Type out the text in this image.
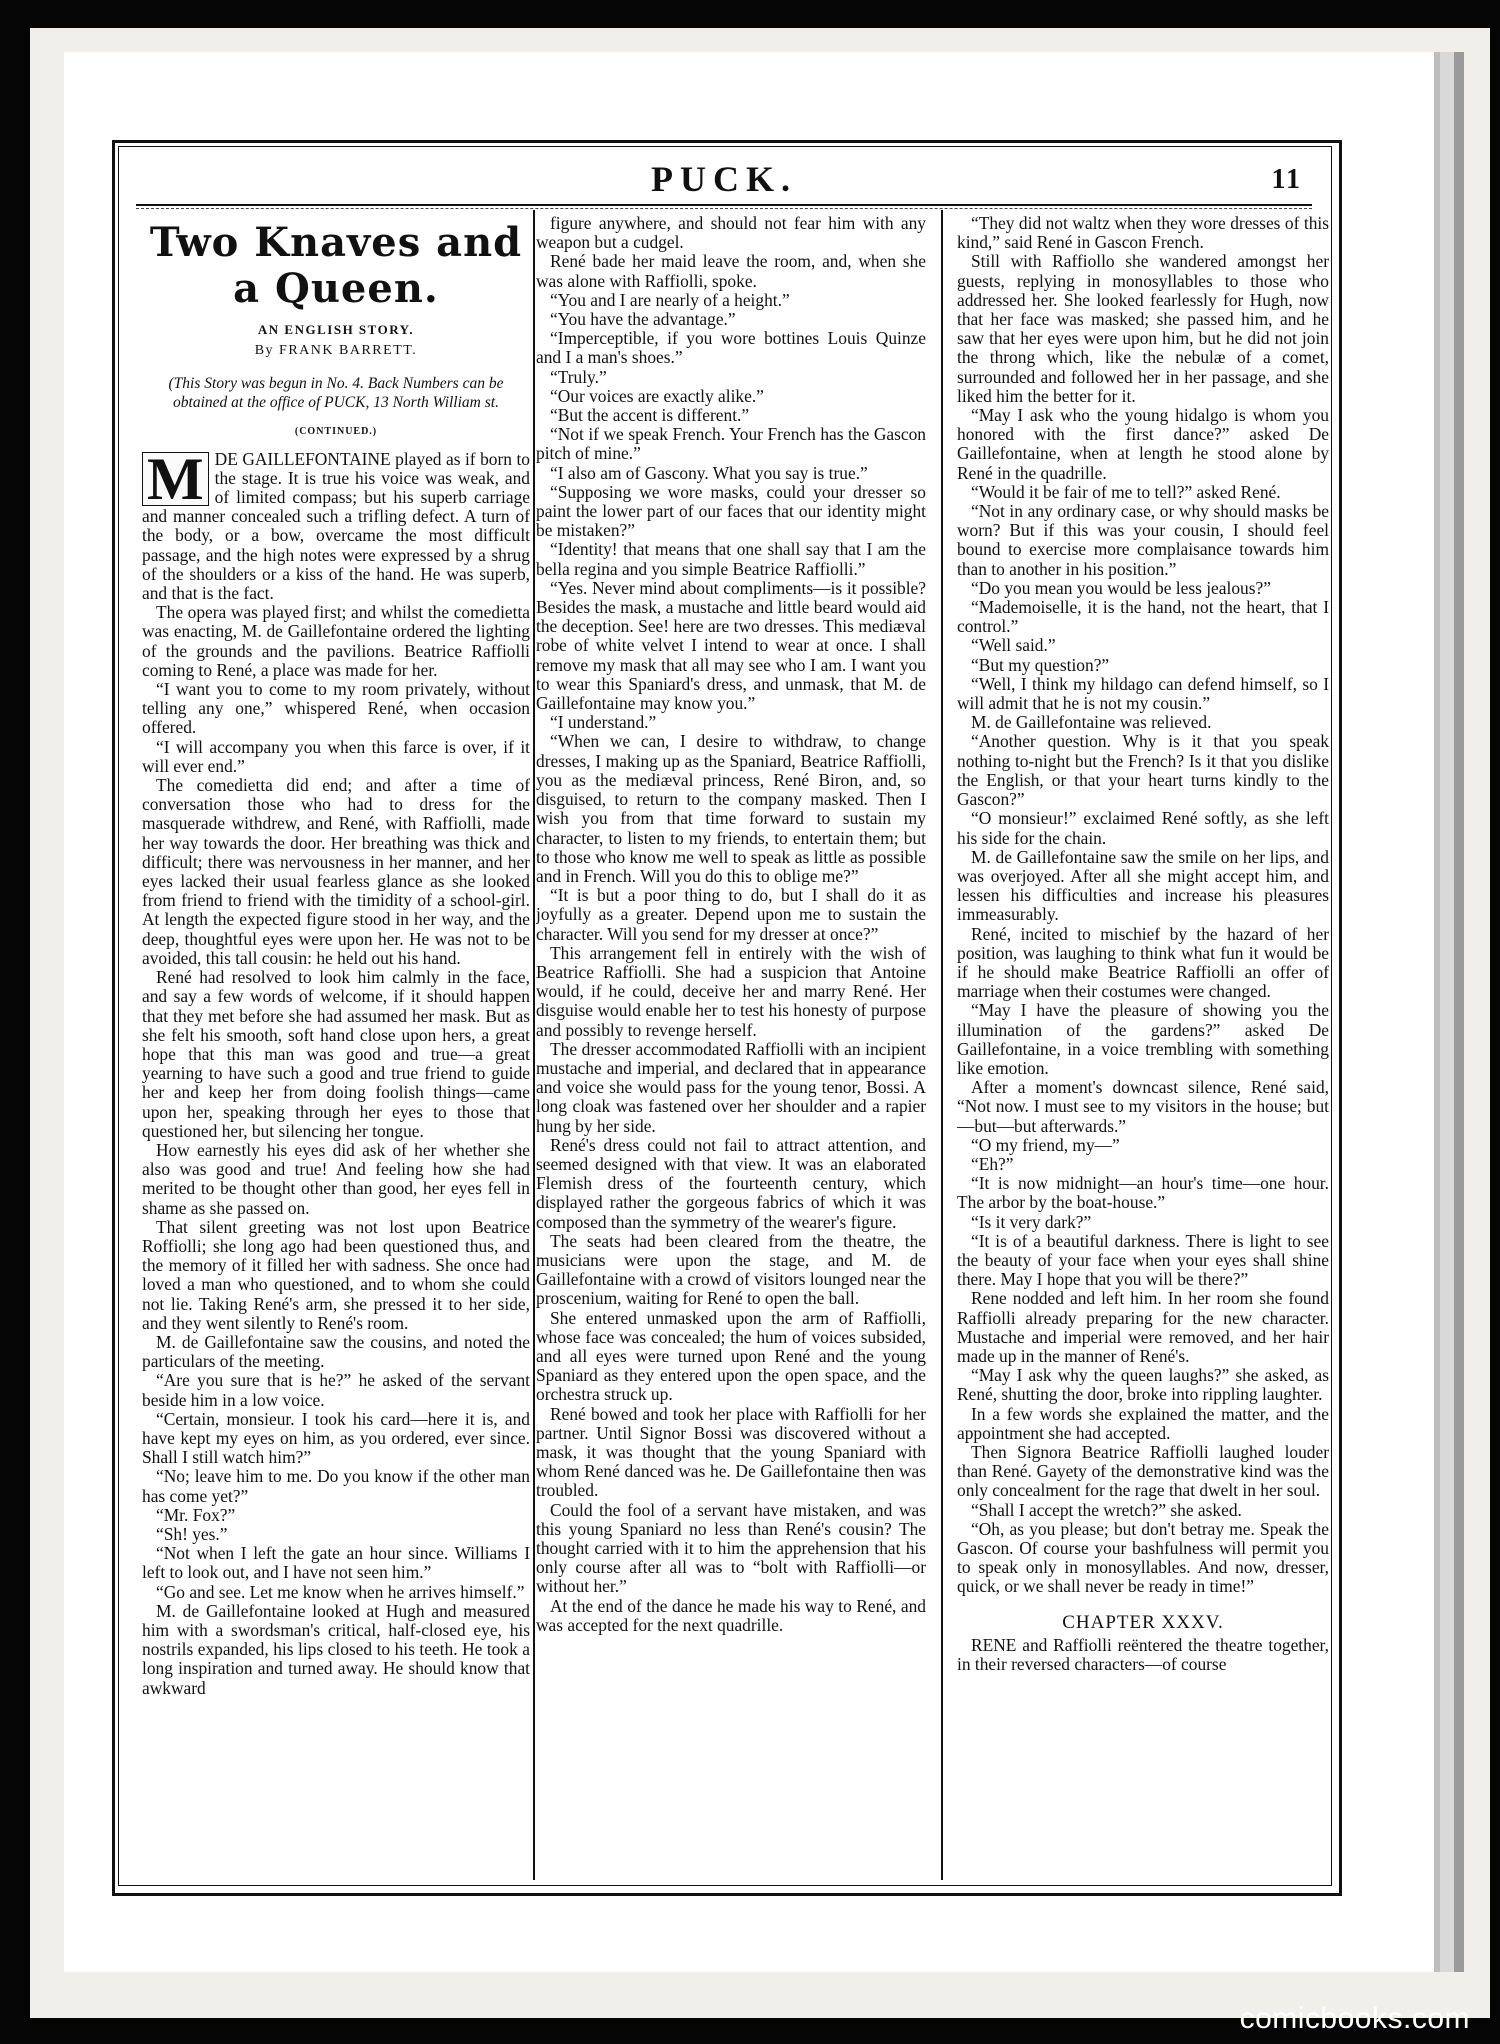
PUCK.	11
Two Knaves and a Queen.
AN ENGLISH STORY.
By FRANK BARRETT.
(This Story was begun in No. 4. Back Numbers can be obtained at the office of PUCK, 13 North William st.
(CONTINUED.)

M DE GAILLEFONTAINE played as if born to the stage. It is true his voice was weak, and of limited compass; but his superb carriage and manner concealed such a trifling defect. A turn of the body, or a bow, overcame the most difficult passage, and the high notes were expressed by a shrug of the shoulders or a kiss of the hand. He was superb, and that is the fact.

The opera was played first; and whilst the comedietta was enacting, M. de Gaillefontaine ordered the lighting of the grounds and the pavilions. Beatrice Raffiolli coming to René, a place was made for her.

“I want you to come to my room privately, without telling any one,” whispered René, when occasion offered.

“I will accompany you when this farce is over, if it will ever end.”

The comedietta did end; and after a time of conversation those who had to dress for the masquerade withdrew, and René, with Raffiolli, made her way towards the door. Her breathing was thick and difficult; there was nervousness in her manner, and her eyes lacked their usual fearless glance as she looked from friend to friend with the timidity of a school-girl. At length the expected figure stood in her way, and the deep, thoughtful eyes were upon her. He was not to be avoided, this tall cousin: he held out his hand.

René had resolved to look him calmly in the face, and say a few words of welcome, if it should happen that they met before she had assumed her mask. But as she felt his smooth, soft hand close upon hers, a great hope that this man was good and true—a great yearning to have such a good and true friend to guide her and keep her from doing foolish things—came upon her, speaking through her eyes to those that questioned her, but silencing her tongue.

How earnestly his eyes did ask of her whether she also was good and true! And feeling how she had merited to be thought other than good, her eyes fell in shame as she passed on.

That silent greeting was not lost upon Beatrice Roffiolli; she long ago had been questioned thus, and the memory of it filled her with sadness. She once had loved a man who questioned, and to whom she could not lie. Taking René's arm, she pressed it to her side, and they went silently to René's room.

M. de Gaillefontaine saw the cousins, and noted the particulars of the meeting.

“Are you sure that is he?” he asked of the servant beside him in a low voice.

“Certain, monsieur. I took his card—here it is, and have kept my eyes on him, as you ordered, ever since. Shall I still watch him?”

“No; leave him to me. Do you know if the other man has come yet?”

“Mr. Fox?”

“Sh! yes.”

“Not when I left the gate an hour since. Williams I left to look out, and I have not seen him.”

“Go and see. Let me know when he arrives himself.”

M. de Gaillefontaine looked at Hugh and measured him with a swordsman's critical, half-closed eye, his nostrils expanded, his lips closed to his teeth. He took a long inspiration and turned away. He should know that awkward

figure anywhere, and should not fear him with any weapon but a cudgel.

René bade her maid leave the room, and, when she was alone with Raffiolli, spoke.

“You and I are nearly of a height.”

“You have the advantage.”

“Imperceptible, if you wore bottines Louis Quinze and I a man's shoes.”

“Truly.”

“Our voices are exactly alike.”

“But the accent is different.”

“Not if we speak French. Your French has the Gascon pitch of mine.”

“I also am of Gascony. What you say is true.”

“Supposing we wore masks, could your dresser so paint the lower part of our faces that our identity might be mistaken?”

“Identity! that means that one shall say that I am the bella regina and you simple Beatrice Raffiolli.”

“Yes. Never mind about compliments—is it possible? Besides the mask, a mustache and little beard would aid the deception. See! here are two dresses. This mediæval robe of white velvet I intend to wear at once. I shall remove my mask that all may see who I am. I want you to wear this Spaniard's dress, and unmask, that M. de Gaillefontaine may know you.”

“I understand.”

“When we can, I desire to withdraw, to change dresses, I making up as the Spaniard, Beatrice Raffiolli, you as the mediæval princess, René Biron, and, so disguised, to return to the company masked. Then I wish you from that time forward to sustain my character, to listen to my friends, to entertain them; but to those who know me well to speak as little as possible and in French. Will you do this to oblige me?”

“It is but a poor thing to do, but I shall do it as joyfully as a greater. Depend upon me to sustain the character. Will you send for my dresser at once?”

This arrangement fell in entirely with the wish of Beatrice Raffiolli. She had a suspicion that Antoine would, if he could, deceive her and marry René. Her disguise would enable her to test his honesty of purpose and possibly to revenge herself.

The dresser accommodated Raffiolli with an incipient mustache and imperial, and declared that in appearance and voice she would pass for the young tenor, Bossi. A long cloak was fastened over her shoulder and a rapier hung by her side.

René's dress could not fail to attract attention, and seemed designed with that view. It was an elaborated Flemish dress of the fourteenth century, which displayed rather the gorgeous fabrics of which it was composed than the symmetry of the wearer's figure.

The seats had been cleared from the theatre, the musicians were upon the stage, and M. de Gaillefontaine with a crowd of visitors lounged near the proscenium, waiting for René to open the ball.

She entered unmasked upon the arm of Raffiolli, whose face was concealed; the hum of voices subsided, and all eyes were turned upon René and the young Spaniard as they entered upon the open space, and the orchestra struck up.

René bowed and took her place with Raffiolli for her partner. Until Signor Bossi was discovered without a mask, it was thought that the young Spaniard with whom René danced was he. De Gaillefontaine then was troubled.

Could the fool of a servant have mistaken, and was this young Spaniard no less than René's cousin? The thought carried with it to him the apprehension that his only course after all was to “bolt with Raffiolli—or without her.”

At the end of the dance he made his way to René, and was accepted for the next quadrille.

“They did not waltz when they wore dresses of this kind,” said René in Gascon French.

Still with Raffiollo she wandered amongst her guests, replying in monosyllables to those who addressed her. She looked fearlessly for Hugh, now that her face was masked; she passed him, and he saw that her eyes were upon him, but he did not join the throng which, like the nebulæ of a comet, surrounded and followed her in her passage, and she liked him the better for it.

“May I ask who the young hidalgo is whom you honored with the first dance?” asked De Gaillefontaine, when at length he stood alone by René in the quadrille.

“Would it be fair of me to tell?” asked René.

“Not in any ordinary case, or why should masks be worn? But if this was your cousin, I should feel bound to exercise more complaisance towards him than to another in his position.”

“Do you mean you would be less jealous?”

“Mademoiselle, it is the hand, not the heart, that I control.”

“Well said.”

“But my question?”

“Well, I think my hildago can defend himself, so I will admit that he is not my cousin.”

M. de Gaillefontaine was relieved.

“Another question. Why is it that you speak nothing to-night but the French? Is it that you dislike the English, or that your heart turns kindly to the Gascon?”

“O monsieur!” exclaimed René softly, as she left his side for the chain.

M. de Gaillefontaine saw the smile on her lips, and was overjoyed. After all she might accept him, and lessen his difficulties and increase his pleasures immeasurably.

René, incited to mischief by the hazard of her position, was laughing to think what fun it would be if he should make Beatrice Raffiolli an offer of marriage when their costumes were changed.

“May I have the pleasure of showing you the illumination of the gardens?” asked De Gaillefontaine, in a voice trembling with something like emotion.

After a moment's downcast silence, René said, “Not now. I must see to my visitors in the house; but—but—but afterwards.”

“O my friend, my—”

“Eh?”

“It is now midnight—an hour's time—one hour. The arbor by the boat-house.”

“Is it very dark?”

“It is of a beautiful darkness. There is light to see the beauty of your face when your eyes shall shine there. May I hope that you will be there?”

Rene nodded and left him. In her room she found Raffiolli already preparing for the new character. Mustache and imperial were removed, and her hair made up in the manner of René's.

“May I ask why the queen laughs?” she asked, as René, shutting the door, broke into rippling laughter.

In a few words she explained the matter, and the appointment she had accepted.

Then Signora Beatrice Raffiolli laughed louder than René. Gayety of the demonstrative kind was the only concealment for the rage that dwelt in her soul.

“Shall I accept the wretch?” she asked.

“Oh, as you please; but don't betray me. Speak the Gascon. Of course your bashfulness will permit you to speak only in monosyllables. And now, dresser, quick, or we shall never be ready in time!”

CHAPTER XXXV.

RENE and Raffiolli reëntered the theatre together, in their reversed characters—of course

comicbooks.com
